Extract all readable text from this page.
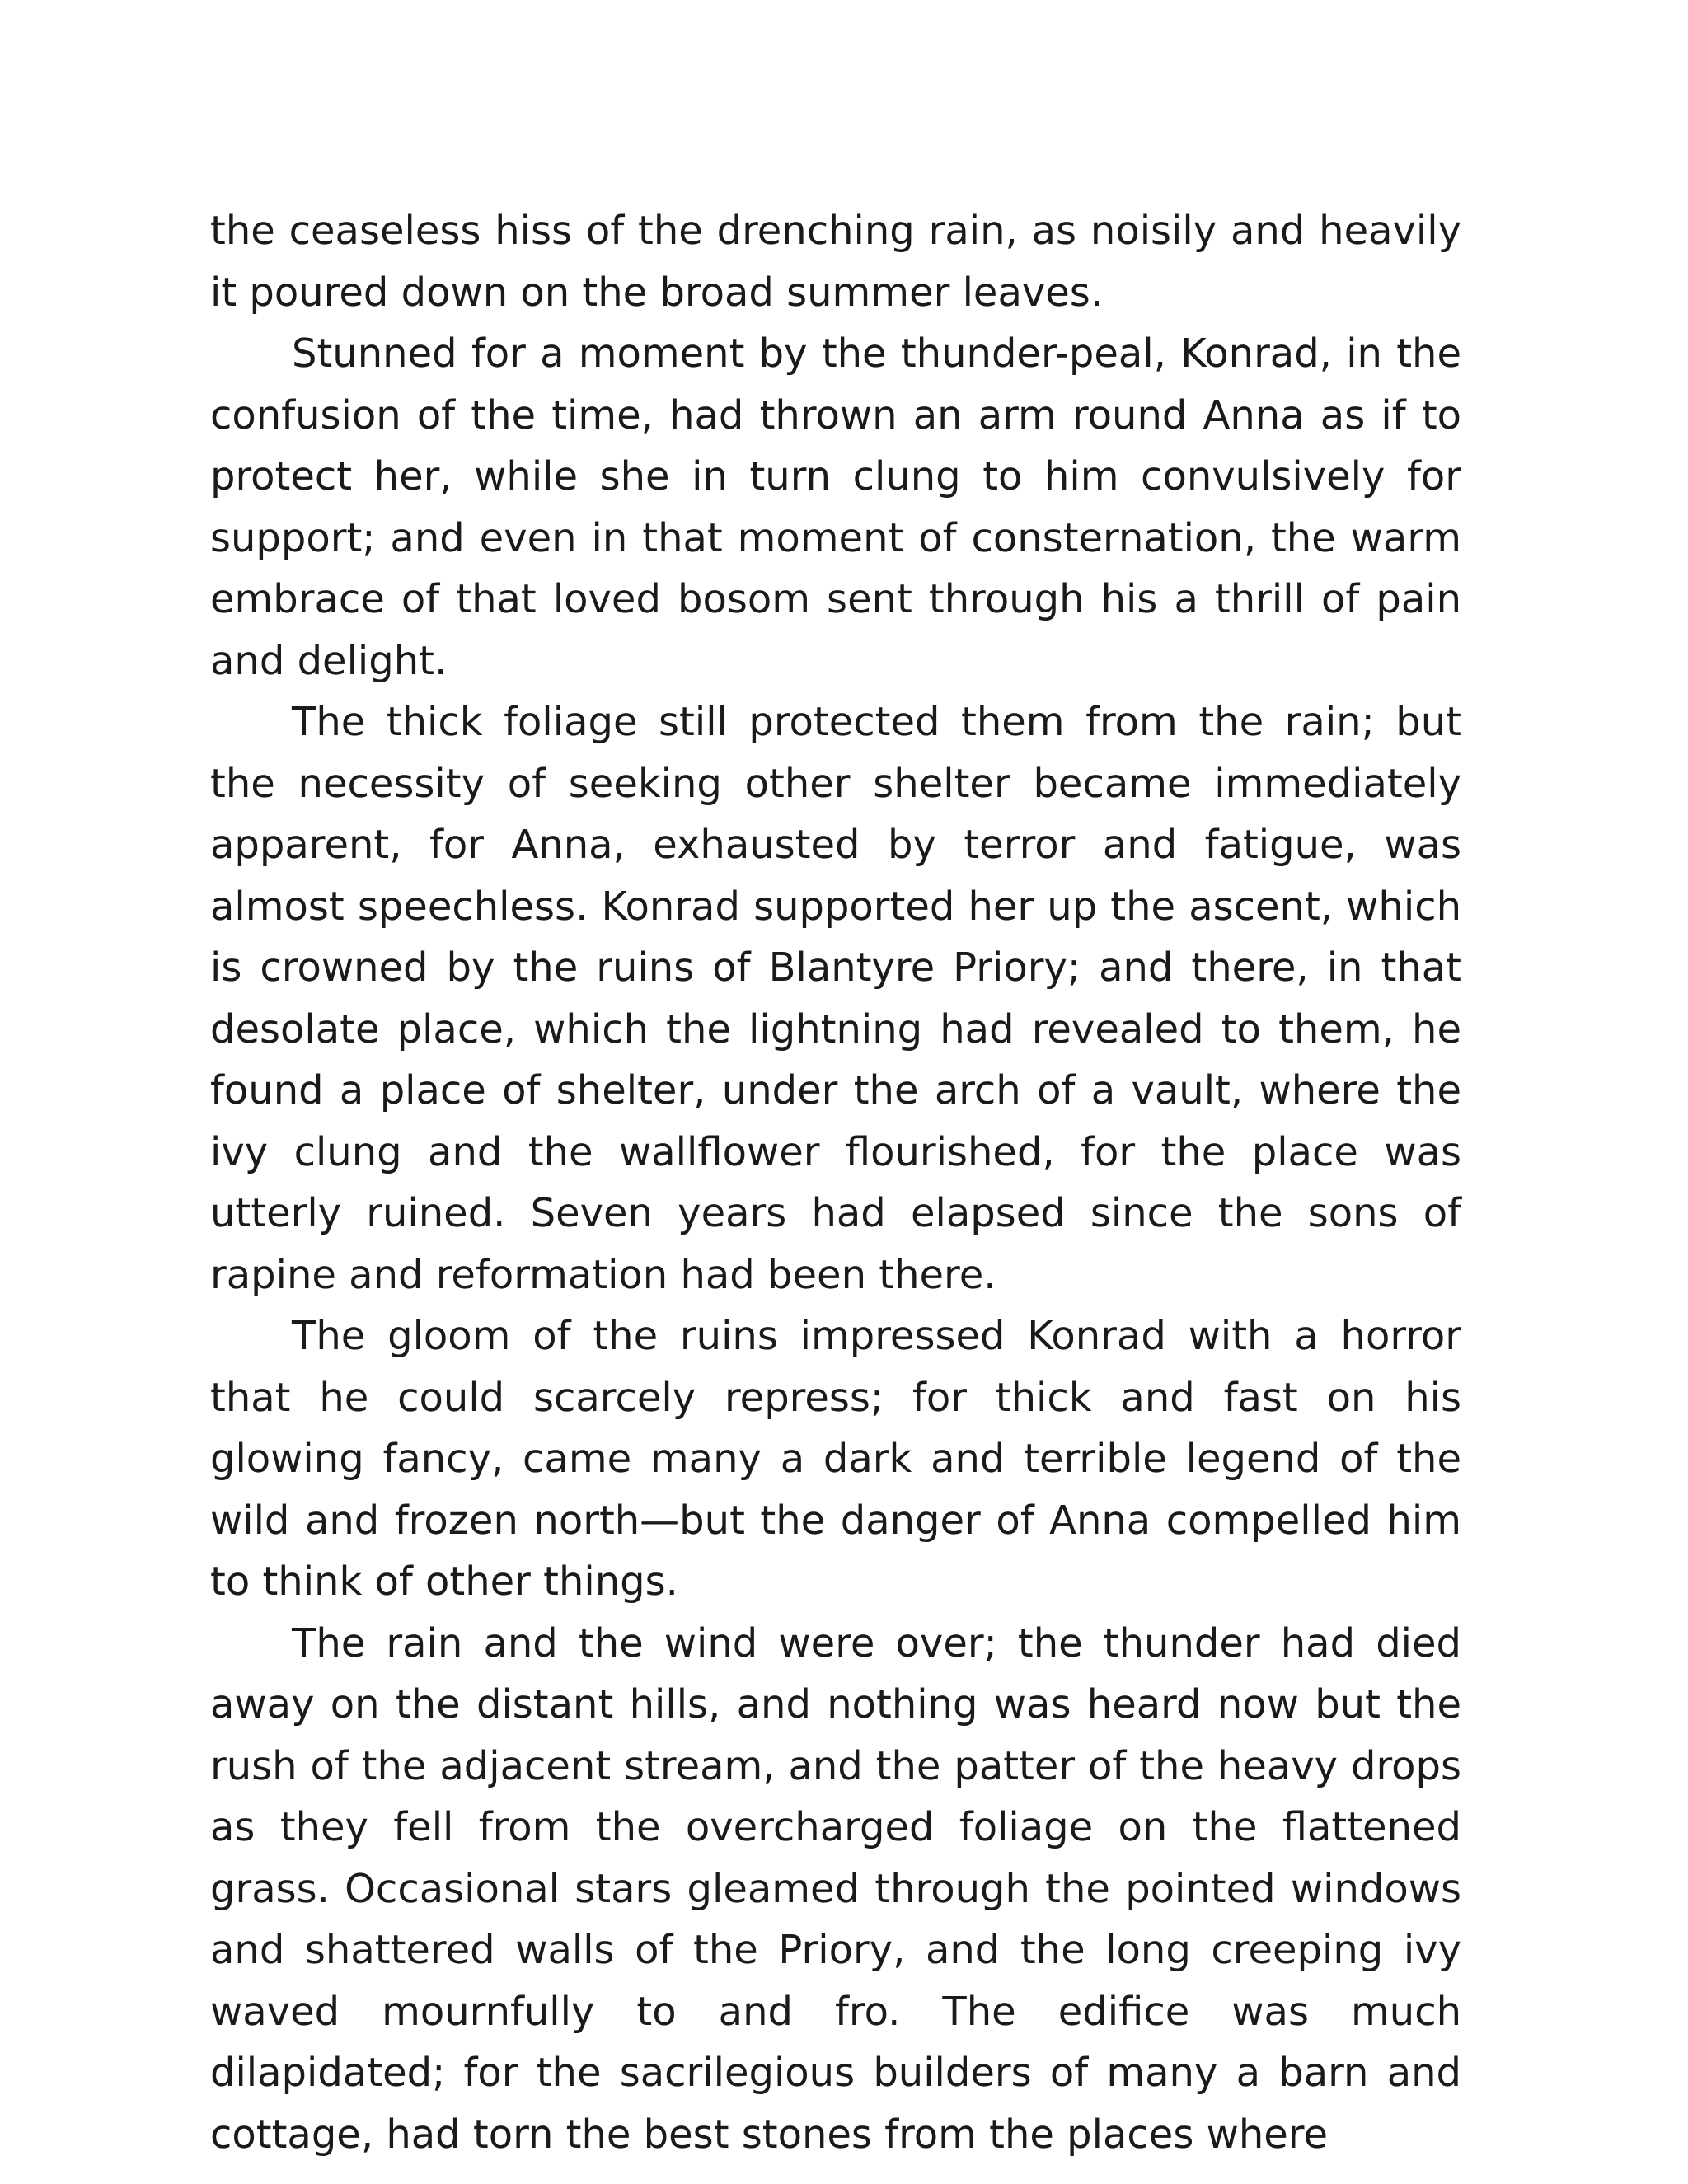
the ceaseless hiss of the drenching rain, as noisily and heavily it poured down on the broad summer leaves.

Stunned for a moment by the thunder-peal, Konrad, in the confusion of the time, had thrown an arm round Anna as if to protect her, while she in turn clung to him convulsively for support; and even in that moment of consternation, the warm embrace of that loved bosom sent through his a thrill of pain and delight.

The thick foliage still protected them from the rain; but the necessity of seeking other shelter became immediately apparent, for Anna, exhausted by terror and fatigue, was almost speechless. Konrad supported her up the ascent, which is crowned by the ruins of Blantyre Priory; and there, in that desolate place, which the lightning had revealed to them, he found a place of shelter, under the arch of a vault, where the ivy clung and the wallflower flourished, for the place was utterly ruined. Seven years had elapsed since the sons of rapine and reformation had been there.

The gloom of the ruins impressed Konrad with a horror that he could scarcely repress; for thick and fast on his glowing fancy, came many a dark and terrible legend of the wild and frozen north—but the danger of Anna compelled him to think of other things.

The rain and the wind were over; the thunder had died away on the distant hills, and nothing was heard now but the rush of the adjacent stream, and the patter of the heavy drops as they fell from the overcharged foliage on the flattened grass. Occasional stars gleamed through the pointed windows and shattered walls of the Priory, and the long creeping ivy waved mournfully to and fro. The edifice was much dilapidated; for the sacrilegious builders of many a barn and cottage, had torn the best stones from the places where
